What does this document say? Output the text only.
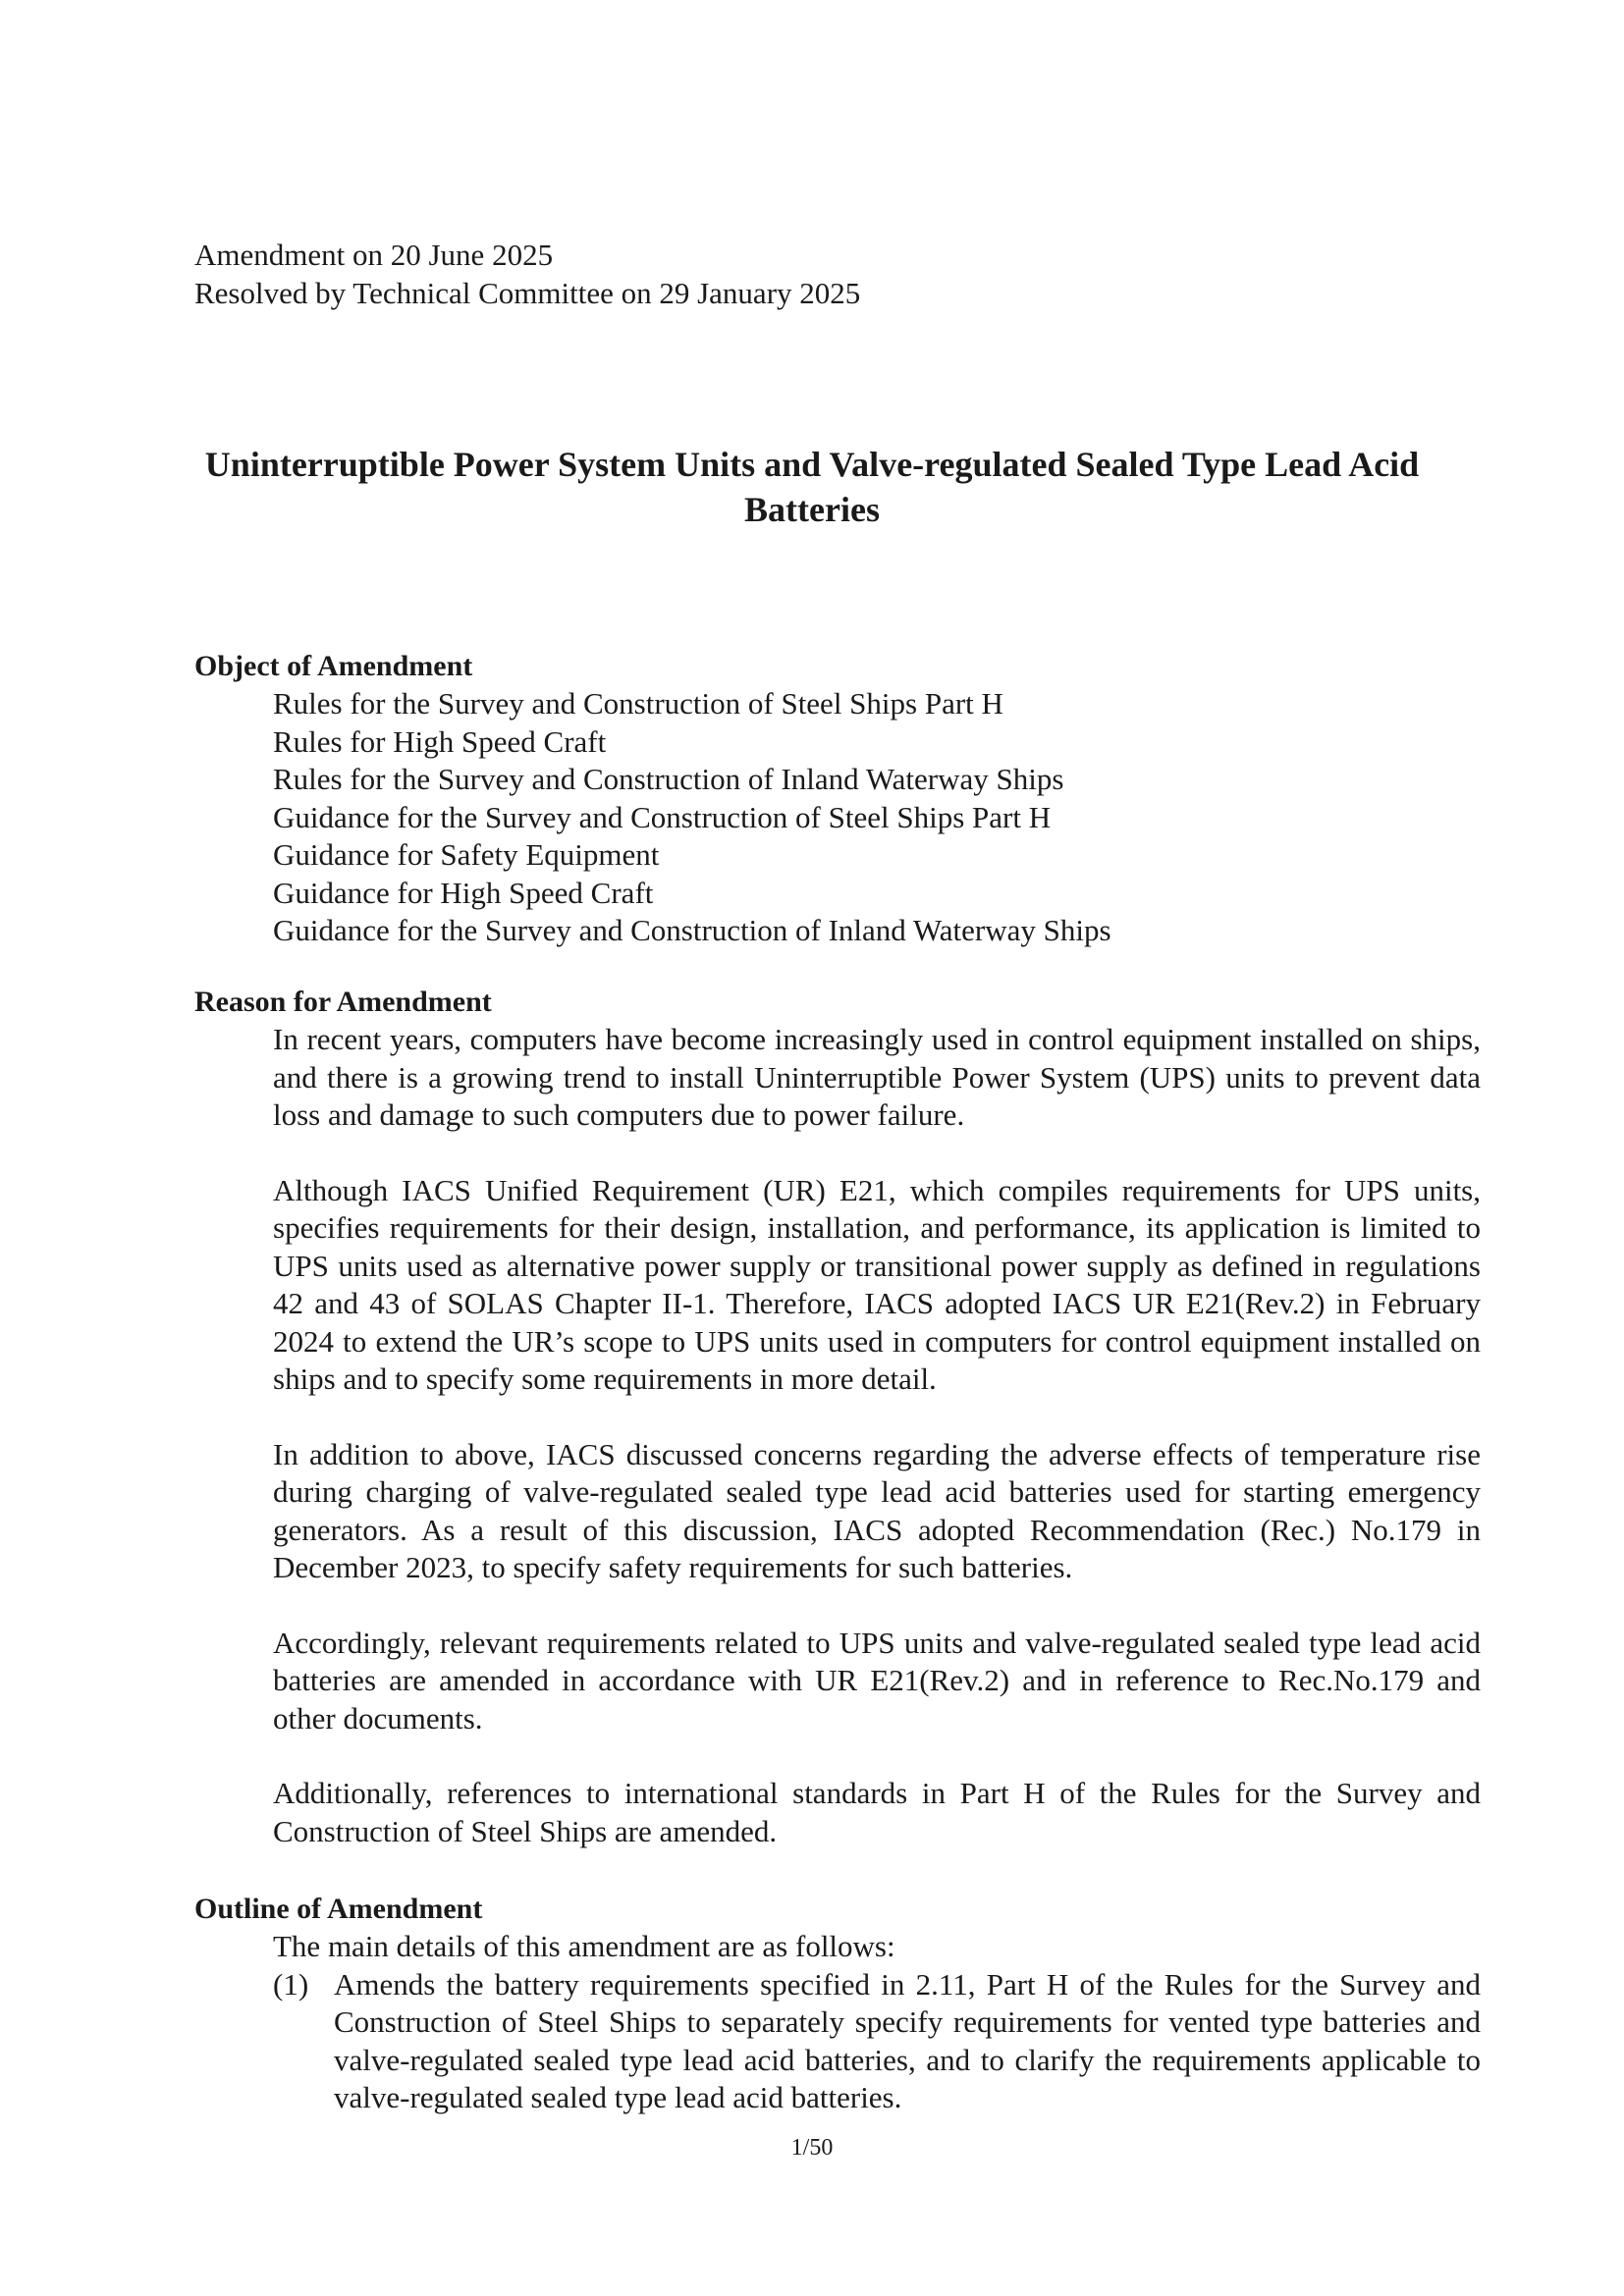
Amendment on 20 June 2025
Resolved by Technical Committee on 29 January 2025
Uninterruptible Power System Units and Valve-regulated Sealed Type Lead Acid
Batteries
Object of Amendment
Rules for the Survey and Construction of Steel Ships Part H
Rules for High Speed Craft
Rules for the Survey and Construction of Inland Waterway Ships
Guidance for the Survey and Construction of Steel Ships Part H
Guidance for Safety Equipment
Guidance for High Speed Craft
Guidance for the Survey and Construction of Inland Waterway Ships
Reason for Amendment

In recent years, computers have become increasingly used in control equipment installed on ships, and there is a growing trend to install Uninterruptible Power System (UPS) units to prevent data loss and damage to such computers due to power failure.

Although IACS Unified Requirement (UR) E21, which compiles requirements for UPS units, specifies requirements for their design, installation, and performance, its application is limited to UPS units used as alternative power supply or transitional power supply as defined in regulations 42 and 43 of SOLAS Chapter II-1. Therefore, IACS adopted IACS UR E21(Rev.2) in February 2024 to extend the UR’s scope to UPS units used in computers for control equipment installed on ships and to specify some requirements in more detail.

In addition to above, IACS discussed concerns regarding the adverse effects of temperature rise during charging of valve-regulated sealed type lead acid batteries used for starting emergency generators. As a result of this discussion, IACS adopted Recommendation (Rec.) No.179 in December 2023, to specify safety requirements for such batteries.

Accordingly, relevant requirements related to UPS units and valve-regulated sealed type lead acid batteries are amended in accordance with UR E21(Rev.2) and in reference to Rec.No.179 and other documents.

Additionally, references to international standards in Part H of the Rules for the Survey and Construction of Steel Ships are amended.

Outline of Amendment
The main details of this amendment are as follows:
(1) Amends the battery requirements specified in 2.11, Part H of the Rules for the Survey and Construction of Steel Ships to separately specify requirements for vented type batteries and valve-regulated sealed type lead acid batteries, and to clarify the requirements applicable to valve-regulated sealed type lead acid batteries.
1/50
